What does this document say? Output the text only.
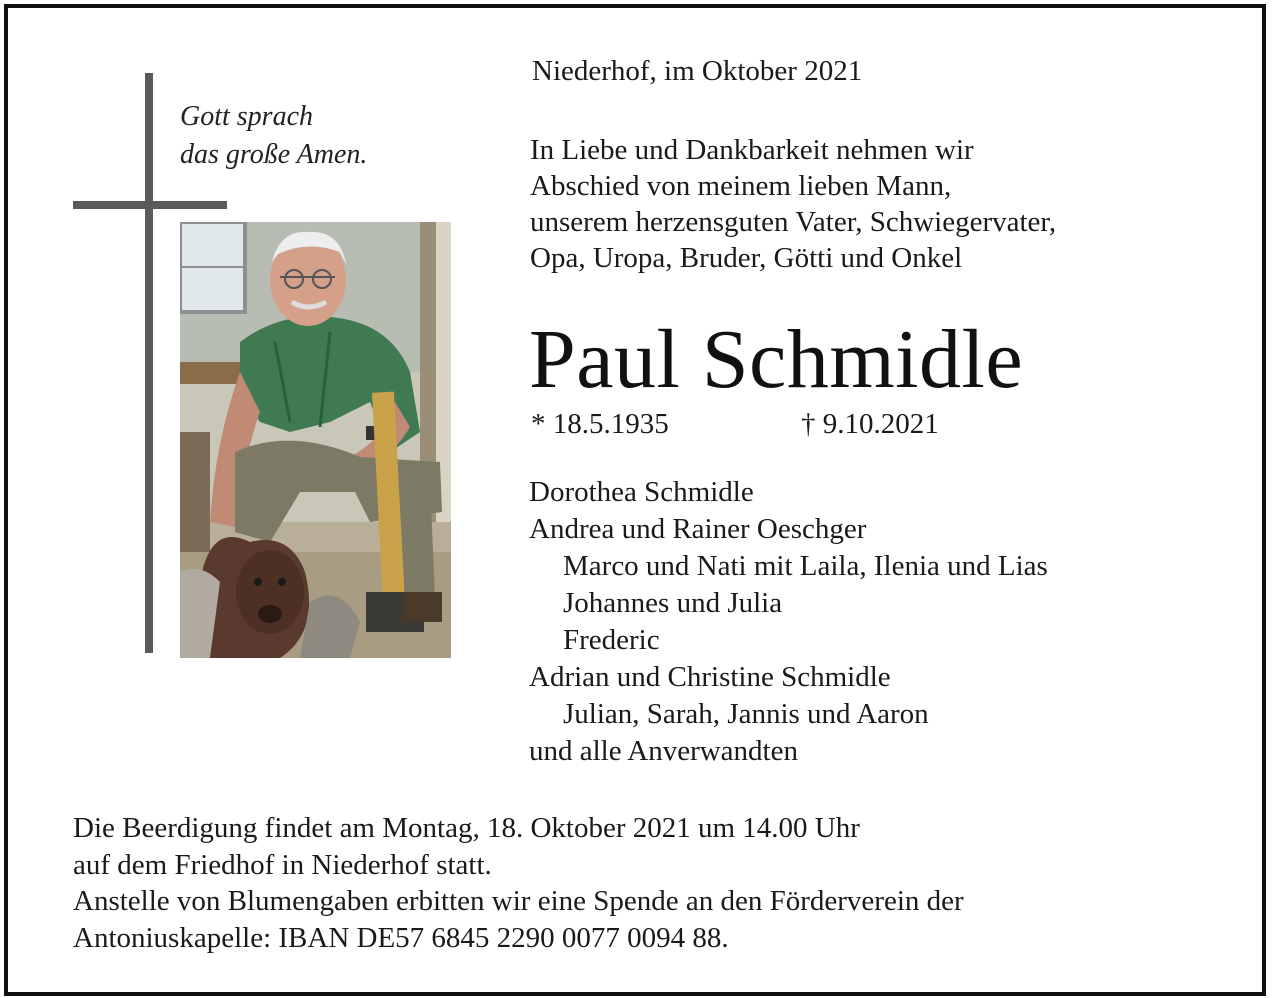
Gott sprach
das große Amen.
Niederhof, im Oktober 2021
In Liebe und Dankbarkeit nehmen wir
Abschied von meinem lieben Mann,
unserem herzensguten Vater, Schwiegervater,
Opa, Uropa, Bruder, Götti und Onkel
Paul Schmidle
* 18.5.1935	† 9.10.2021
Dorothea Schmidle
Andrea und Rainer Oeschger
Marco und Nati mit Laila, Ilenia und Lias
Johannes und Julia
Frederic
Adrian und Christine Schmidle
Julian, Sarah, Jannis und Aaron
und alle Anverwandten
Die Beerdigung findet am Montag, 18. Oktober 2021 um 14.00 Uhr
auf dem Friedhof in Niederhof statt.
Anstelle von Blumengaben erbitten wir eine Spende an den Förderverein der
Antoniuskapelle: IBAN DE57 6845 2290 0077 0094 88.
